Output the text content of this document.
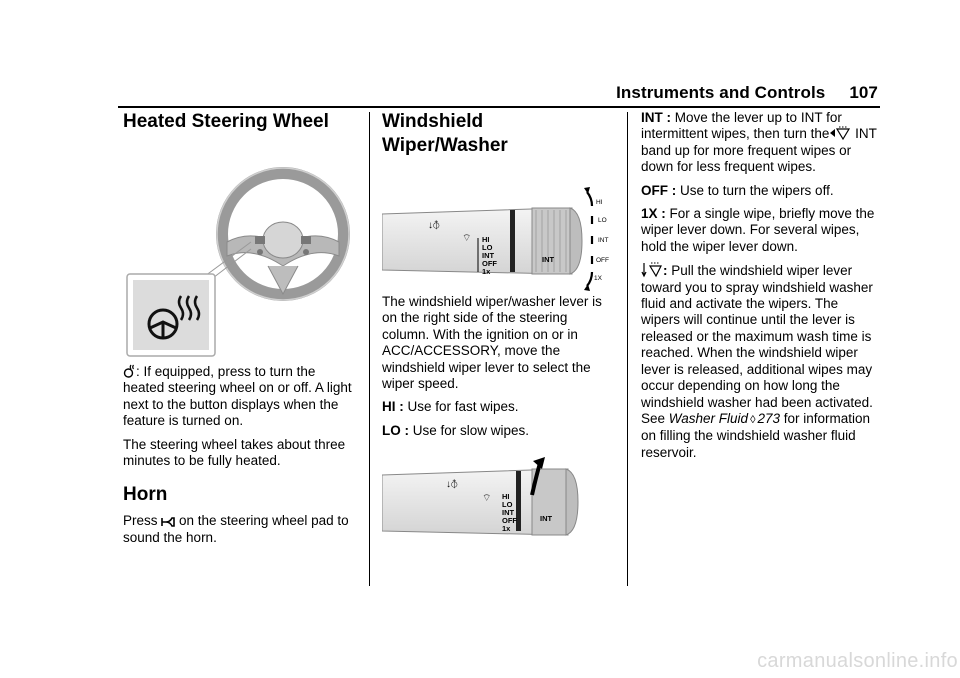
Instruments and Controls 107
Heated Steering Wheel

: If equipped, press to turn the heated steering wheel on or off. A light next to the button displays when the feature is turned on.

The steering wheel takes about three minutes to be fully heated.

Horn

Press  on the steering wheel pad to sound the horn.

Windshield Wiper/Washer
↓⦽
⌔ HI
LO
INT
OFF
1x
INT
HI
LO
INT
OFF
1X

The windshield wiper/washer lever is on the right side of the steering column. With the ignition on or in ACC/ACCESSORY, move the windshield wiper lever to select the wiper speed.

HI : Use for fast wipes.

LO : Use for slow wipes.

↓⦽
⌔ HI
LO
INT
OFF
1x
INT

INT : Move the lever up to INT for intermittent wipes, then turn the INT band up for more frequent wipes or down for less frequent wipes.

OFF : Use to turn the wipers off.

1X : For a single wipe, briefly move the wiper lever down. For several wipes, hold the wiper lever down.

: Pull the windshield wiper lever toward you to spray windshield washer fluid and activate the wipers. The wipers will continue until the lever is released or the maximum wash time is reached. When the windshield wiper lever is released, additional wipes may occur depending on how long the windshield washer had been activated. See Washer Fluid ◊ 273 for information on filling the windshield washer fluid reservoir.

carmanualsonline.info
